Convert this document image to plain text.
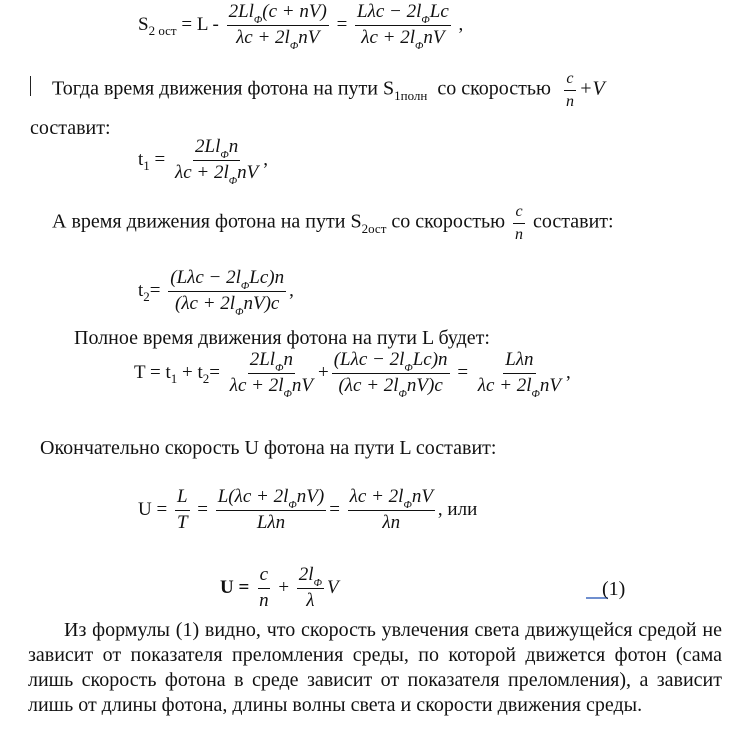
$S_{2 ост} = L - \frac{2Ll_\Phi(c + nV)}{\lambda c + 2l_\Phi nV} = \frac{L\lambda c - 2l_\Phi Lc}{\lambda c + 2l_\Phi nV}$ ,
Тогда время движения фотона на пути $S_{1полн}$ со скоростью $\frac{c}{n} +V$
составит:
$t_1 = \frac{2Ll_\Phi n}{\lambda c + 2l_\Phi nV}$ ,
А время движения фотона на пути $S_{2ост}$ со скоростью $\frac{c}{n}$ составит:
$t_2= \frac{(L\lambda c - 2l_\Phi Lc)n}{(\lambda c + 2l_\Phi nV)c}$ ,
Полное время движения фотона на пути L будет:
$T = t_1 + t_2= \frac{2Ll_\Phi n}{\lambda c + 2l_\Phi nV} + \frac{(L\lambda c - 2l_\Phi Lc)n}{(\lambda c + 2l_\Phi nV)c} = \frac{\text{Lλn}}{\lambda c + 2l_\Phi nV}$ ,
Окончательно скорость U фотона на пути L составит:
$U = \frac{L}{T} = \frac{L(\lambda c + 2l_\Phi nV)}{\text{Lλn}} = \frac{\lambda c + 2l_\Phi nV}{\lambda n}$ , или
$U = \frac{c}{n} + \frac{2l_\Phi}{\lambda}$ V	(1)
Из формулы (1) видно, что скорость увлечения света движущейся средой не зависит от показателя преломления среды, по которой движется фотон (сама лишь скорость фотона в среде зависит от показателя преломления), а зависит лишь от длины фотона, длины волны света и скорости движения среды.
